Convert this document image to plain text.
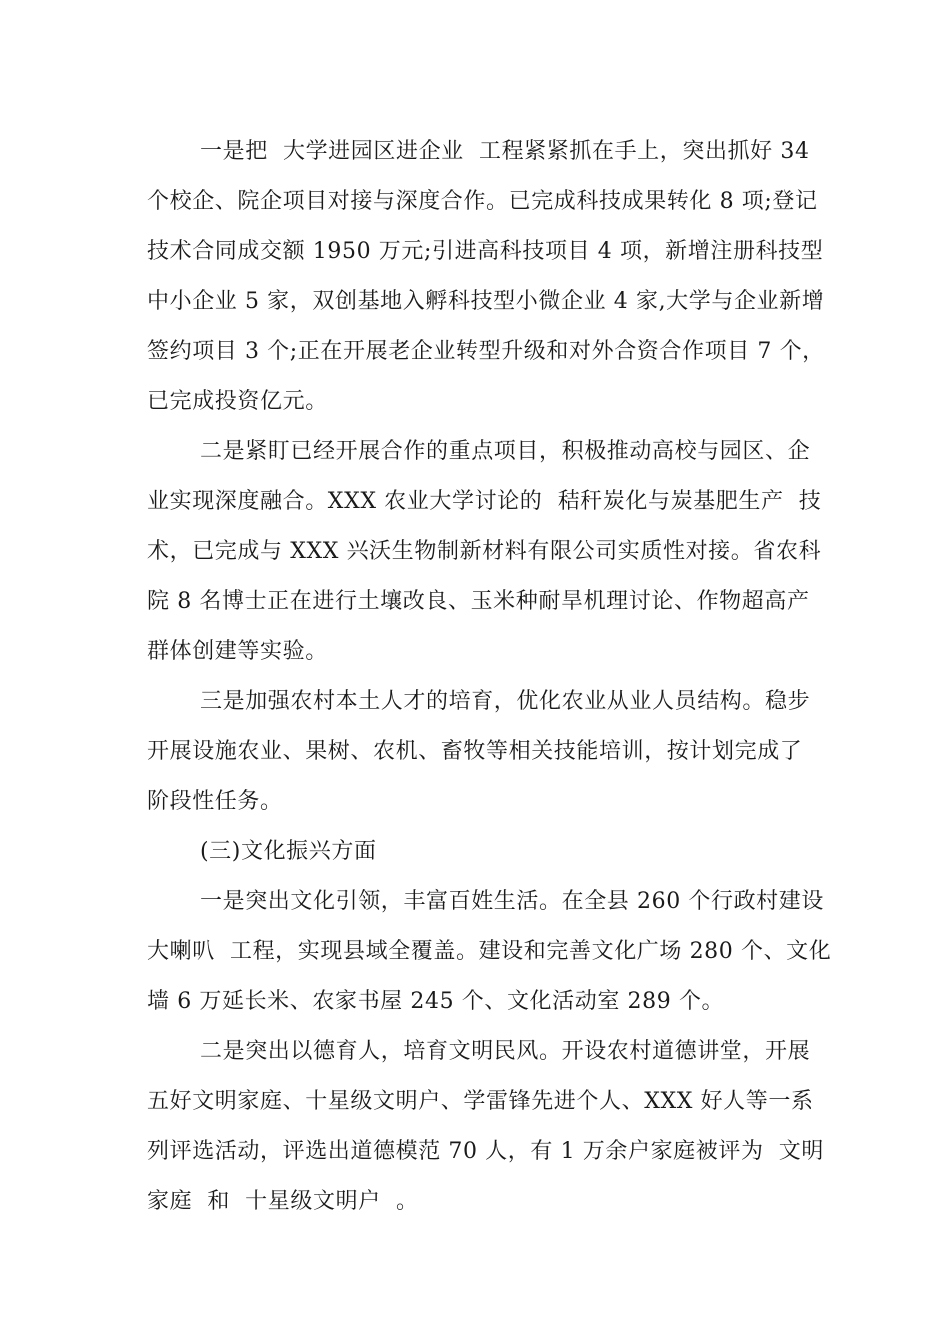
一是把  大学进园区进企业  工程紧紧抓在手上，突出抓好 34
个校企、院企项目对接与深度合作。已完成科技成果转化 8 项;登记
技术合同成交额 1950 万元;引进高科技项目 4 项，新增注册科技型
中小企业 5 家，双创基地入孵科技型小微企业 4 家,大学与企业新增
签约项目 3 个;正在开展老企业转型升级和对外合资合作项目 7 个，
已完成投资亿元。
二是紧盯已经开展合作的重点项目，积极推动高校与园区、企
业实现深度融合。XXX 农业大学讨论的  秸秆炭化与炭基肥生产  技
术，已完成与 XXX 兴沃生物制新材料有限公司实质性对接。省农科
院 8 名博士正在进行土壤改良、玉米种耐旱机理讨论、作物超高产
群体创建等实验。
三是加强农村本土人才的培育，优化农业从业人员结构。稳步
开展设施农业、果树、农机、畜牧等相关技能培训，按计划完成了
阶段性任务。
(三)文化振兴方面
一是突出文化引领，丰富百姓生活。在全县 260 个行政村建设
大喇叭  工程，实现县域全覆盖。建设和完善文化广场 280 个、文化
墙 6 万延长米、农家书屋 245 个、文化活动室 289 个。
二是突出以德育人，培育文明民风。开设农村道德讲堂，开展
五好文明家庭、十星级文明户、学雷锋先进个人、XXX 好人等一系
列评选活动，评选出道德模范 70 人，有 1 万余户家庭被评为  文明
家庭  和  十星级文明户  。
